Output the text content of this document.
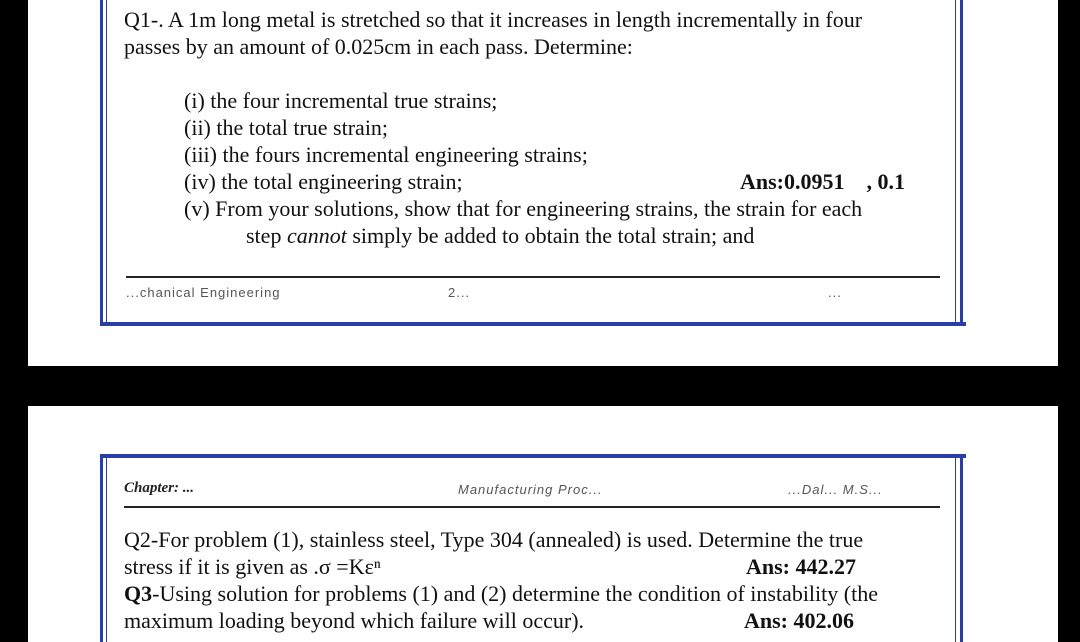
Q1-. A 1m long metal is stretched so that it increases in length incrementally in four
passes by an amount of 0.025cm in each pass. Determine:
(i) the four incremental true strains;
(ii) the total true strain;
(iii) the fours incremental engineering strains;
(iv) the total engineering strain;	Ans:0.0951    , 0.1
(v) From your solutions, show that for engineering strains, the strain for each
step cannot simply be added to obtain the total strain; and
...chanical Engineering	2...	...
Chapter: ...	Manufacturing Proc...	...Dal... M.S...
Q2-For problem (1), stainless steel, Type 304 (annealed) is used. Determine the true
stress if it is given as .σ =Kεⁿ	Ans: 442.27
Q3-Using solution for problems (1) and (2) determine the condition of instability (the
maximum loading beyond which failure will occur).	Ans: 402.06
